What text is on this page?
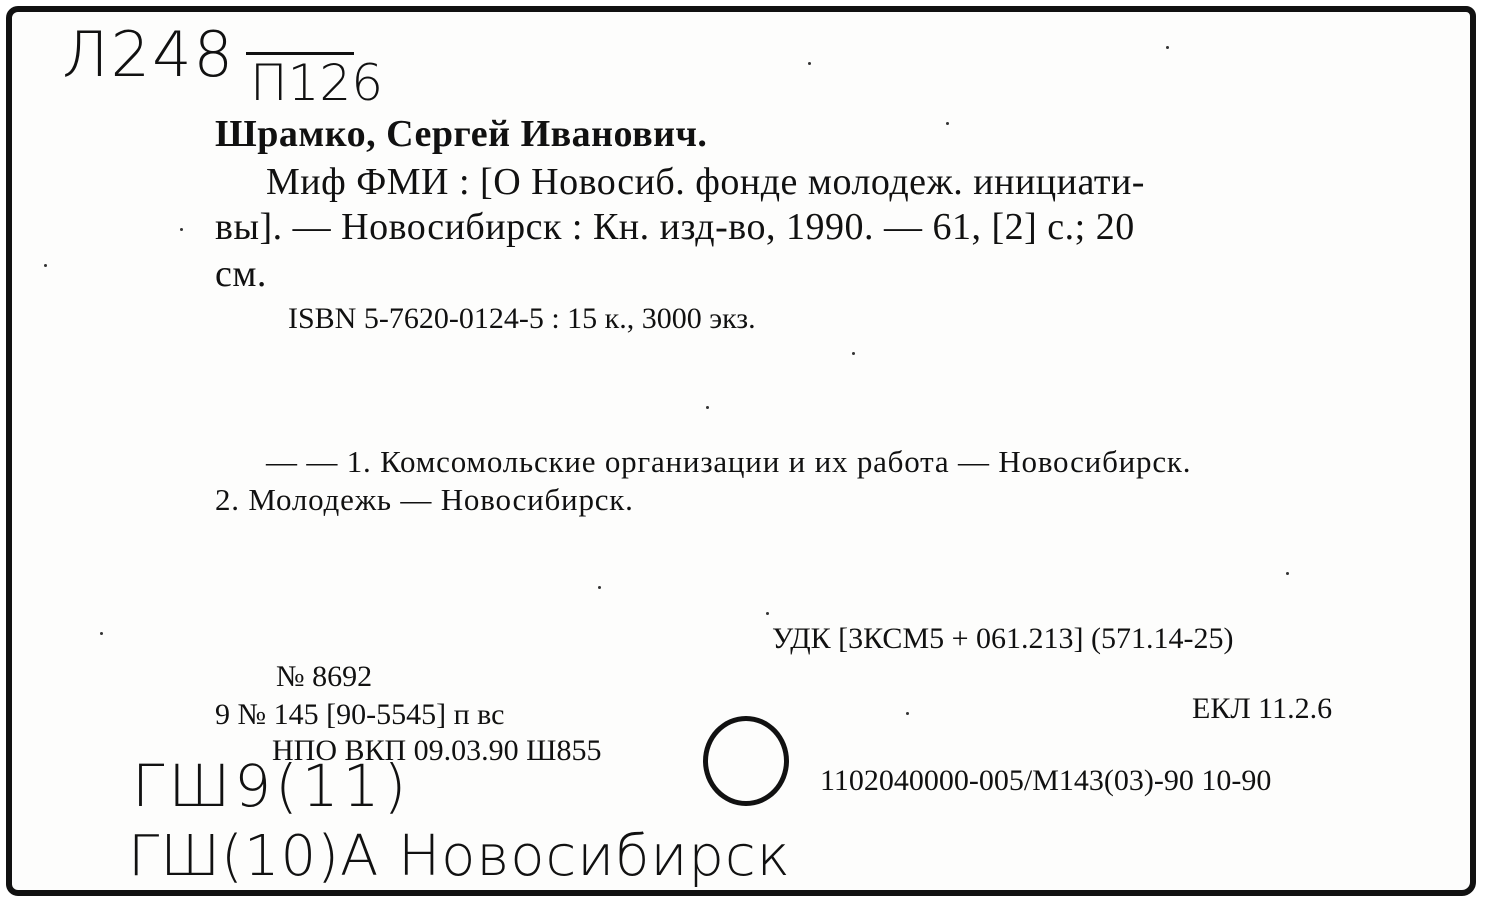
Л248 П126
Шрамко, Сергей Иванович.
Миф ФМИ : [О Новосиб. фонде молодеж. инициати-
вы]. — Новосибирск : Кн. изд-во, 1990. — 61, [2] с.; 20
см.
ISBN 5-7620-0124-5 : 15 к., 3000 экз.
— — 1. Комсомольские организации и их работа — Новосибирск.
2. Молодежь — Новосибирск.
УДК [3КСМ5 + 061.213] (571.14-25)
№ 8692
9 № 145 [90-5545] п вс	ЕКЛ 11.2.6
НПО ВКП 09.03.90 Ш855
1102040000-005/М143(03)-90 10-90
ГШ9(11)
ГШ(10)А Новосибирск
